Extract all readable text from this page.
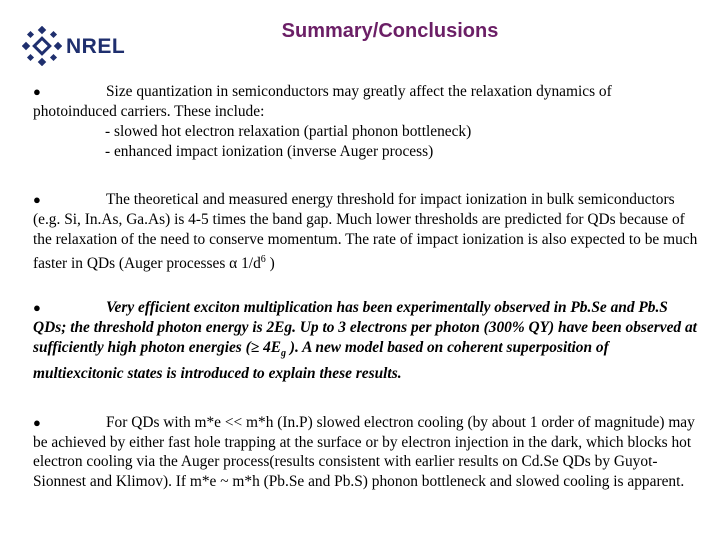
NREL
Summary/Conclusions
●	Size quantization in semiconductors may greatly affect the relaxation dynamics of photoinduced carriers. These include:
- slowed hot electron relaxation (partial phonon bottleneck)
- enhanced impact ionization (inverse Auger process)
●	The theoretical and measured energy threshold for impact ionization in bulk semiconductors (e.g. Si, In.As, Ga.As) is 4-5 times the band gap. Much lower thresholds are predicted for QDs because of the relaxation of the need to conserve momentum. The rate of impact ionization is also expected to be much faster in QDs (Auger processes α $1/d^6$ )
●	Very efficient exciton multiplication has been experimentally observed in Pb.Se and Pb.S QDs; the threshold photon energy is 2Eg. Up to 3 electrons per photon (300% QY) have been observed at sufficiently high photon energies (≥ $4E_g$ ). A new model based on coherent superposition of multiexcitonic states is introduced to explain these results.
●	For QDs with m*e << m*h (In.P) slowed electron cooling (by about 1 order of magnitude) may be achieved by either fast hole trapping at the surface or by electron injection in the dark, which blocks hot electron cooling via the Auger process(results consistent with earlier results on Cd.Se QDs by Guyot-Sionnest and Klimov). If m*e ~ m*h (Pb.Se and Pb.S) phonon bottleneck and slowed cooling is apparent.
